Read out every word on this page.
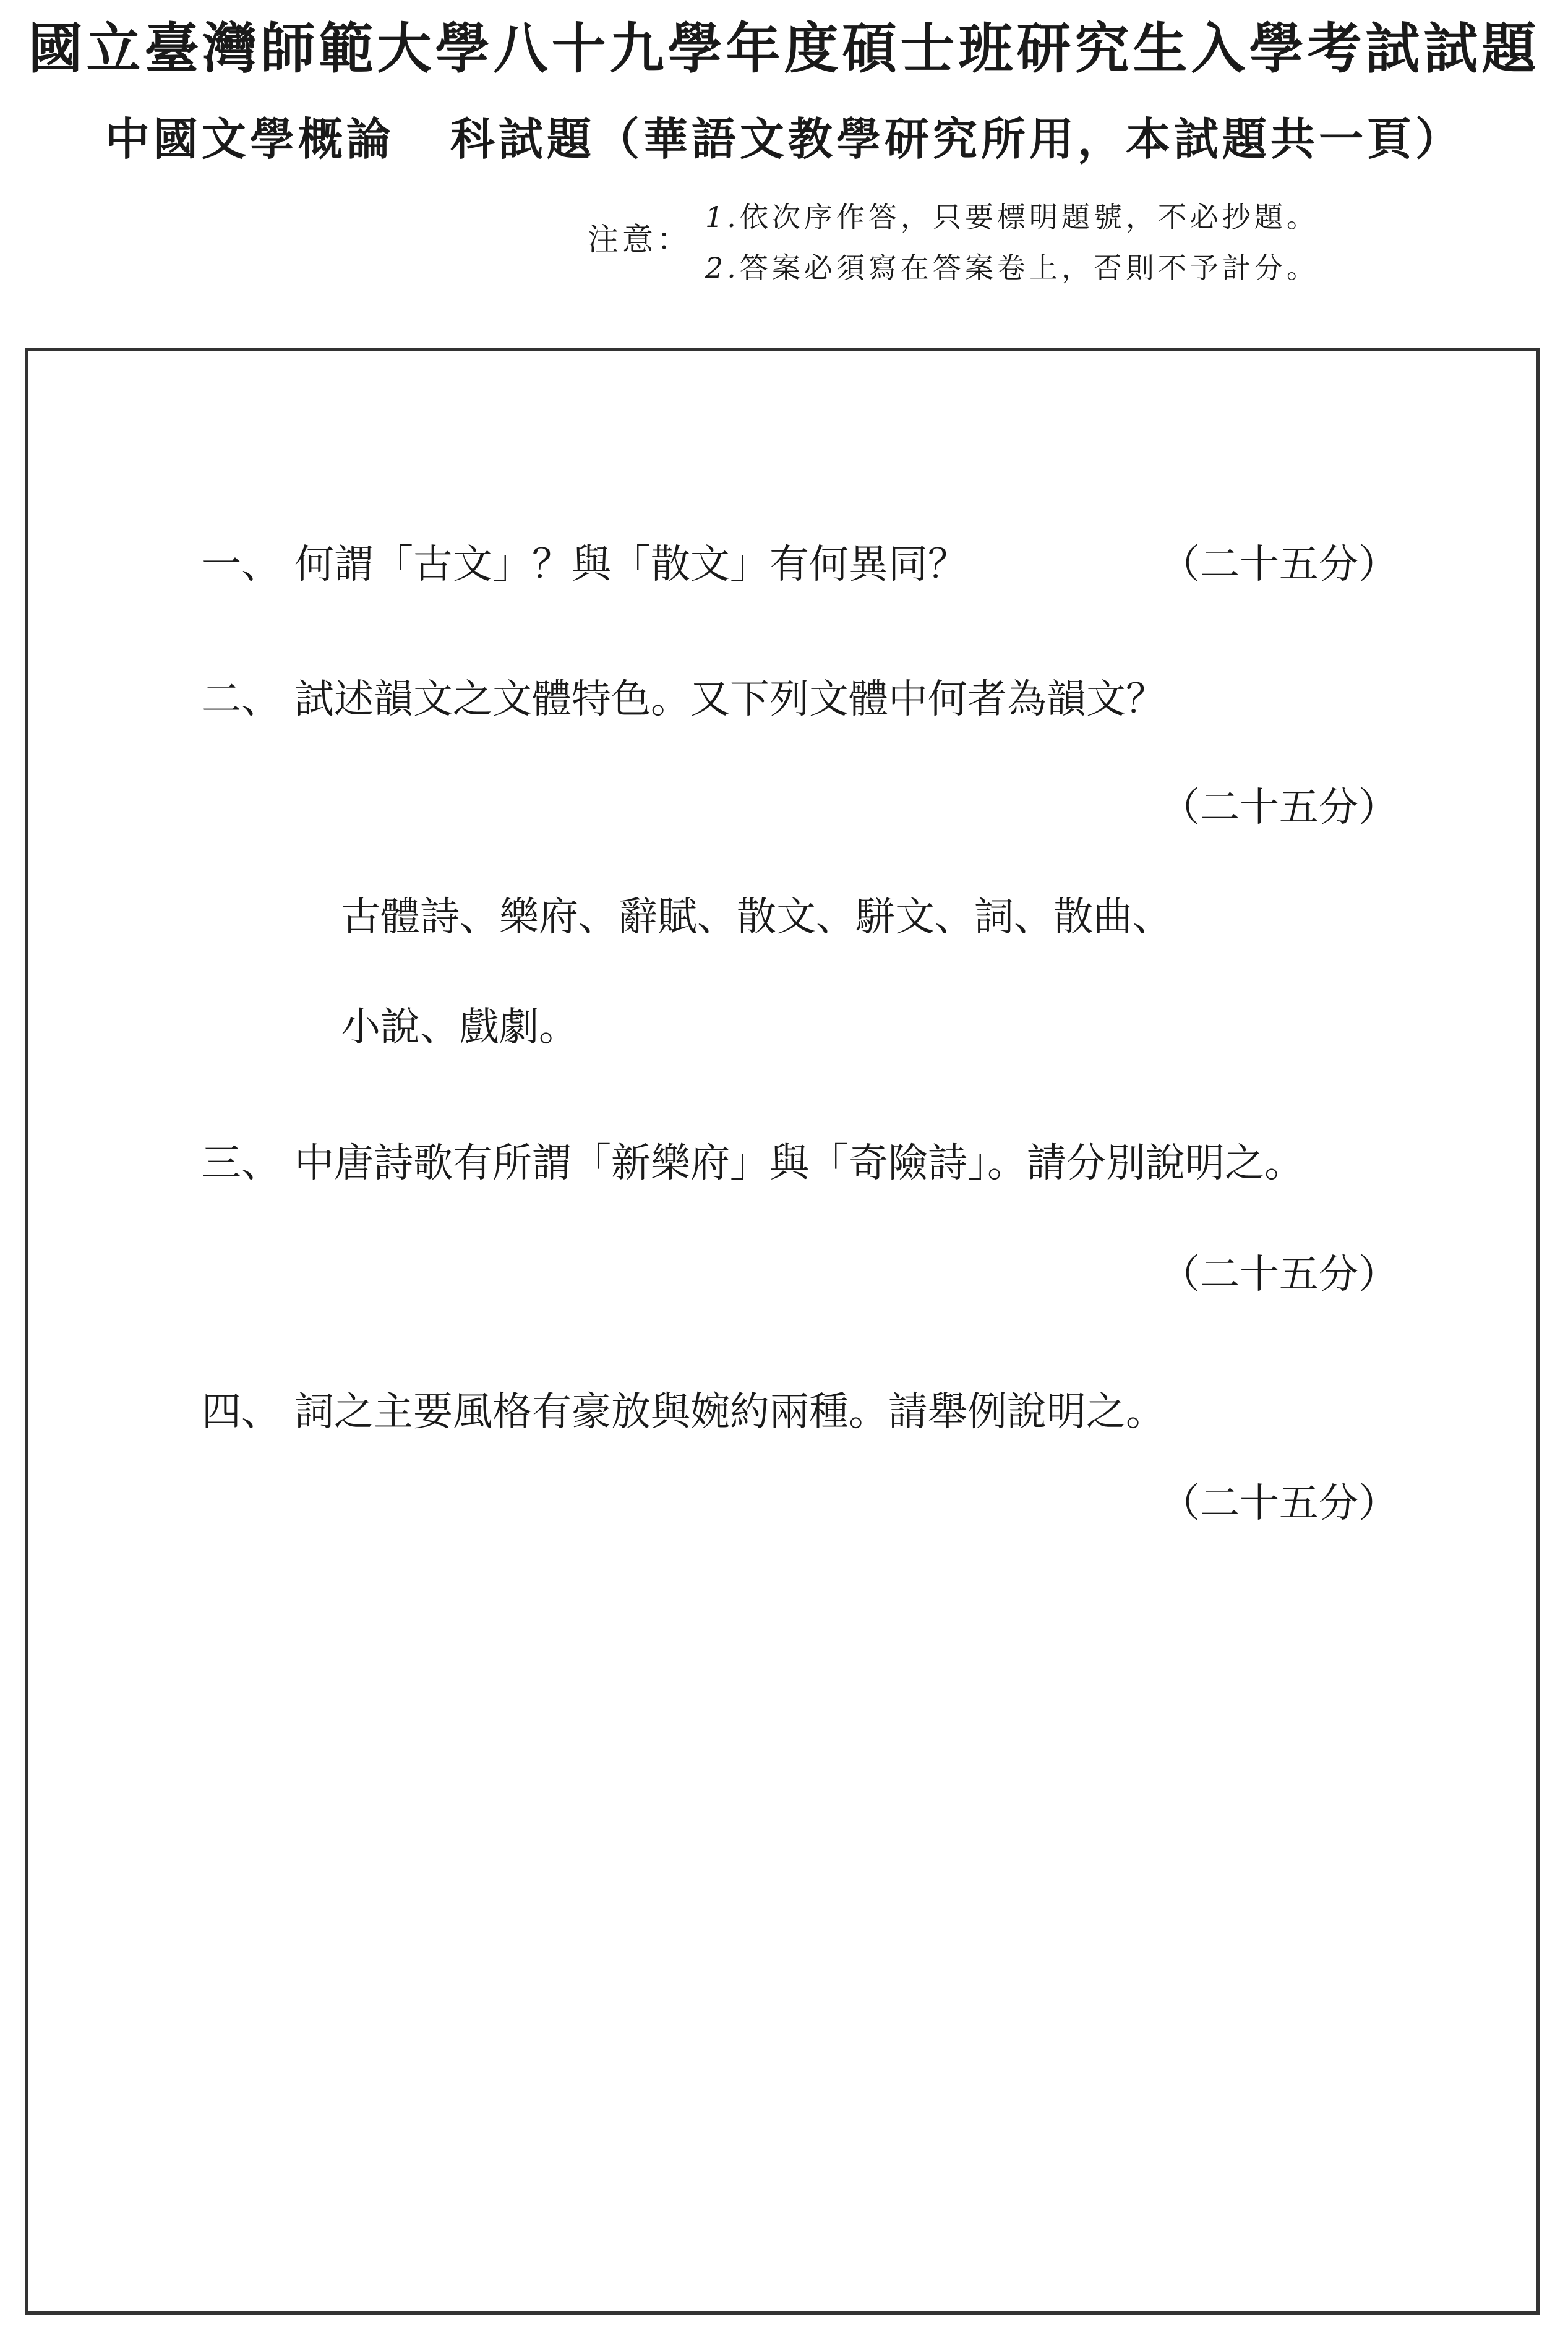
國立臺灣師範大學八十九學年度碩士班研究生入學考試試題
中國文學概論 科試題（華語文教學研究所用，本試題共一頁）
注意：
1.依次序作答，只要標明題號，不必抄題。
2.答案必須寫在答案卷上，否則不予計分。
一、 何謂「古文」？與「散文」有何異同？	（二十五分）
二、 試述韻文之文體特色。又下列文體中何者為韻文？
（二十五分）
古體詩、樂府、辭賦、散文、駢文、詞、散曲、
小說、戲劇。
三、 中唐詩歌有所謂「新樂府」與「奇險詩」。請分別說明之。
（二十五分）
四、 詞之主要風格有豪放與婉約兩種。請舉例說明之。
（二十五分）
